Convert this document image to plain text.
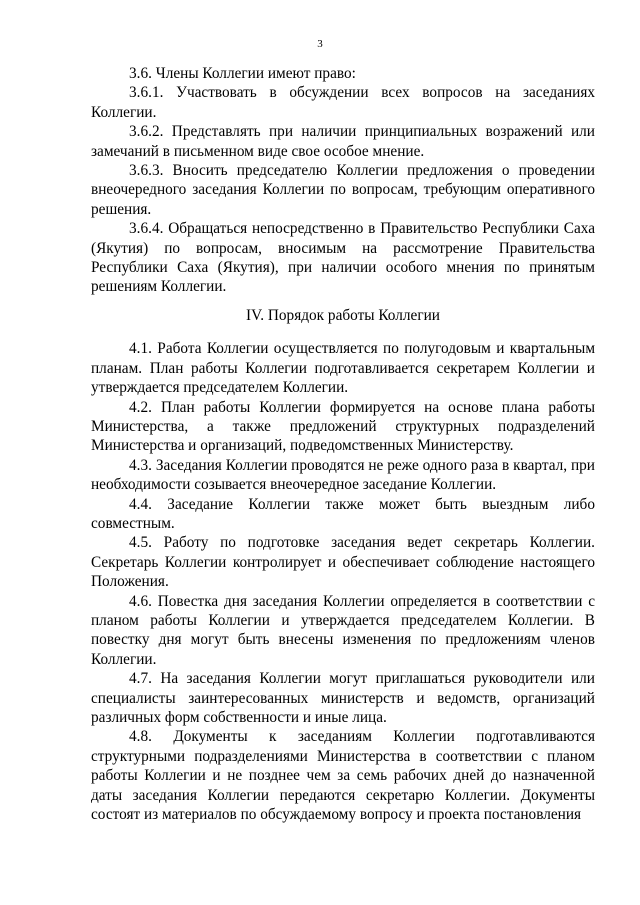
3

3.6. Члены Коллегии имеют право:

3.6.1. Участвовать в обсуждении всех вопросов на заседаниях Коллегии.

3.6.2. Представлять при наличии принципиальных возражений или замечаний в письменном виде свое особое мнение.

3.6.3. Вносить председателю Коллегии предложения о проведении внеочередного заседания Коллегии по вопросам, требующим оперативного решения.

3.6.4. Обращаться непосредственно в Правительство Республики Саха (Якутия) по вопросам, вносимым на рассмотрение Правительства Республики Саха (Якутия), при наличии особого мнения по принятым решениям Коллегии.

IV. Порядок работы Коллегии

4.1. Работа Коллегии осуществляется по полугодовым и квартальным планам. План работы Коллегии подготавливается секретарем Коллегии и утверждается председателем Коллегии.

4.2. План работы Коллегии формируется на основе плана работы Министерства, а также предложений структурных подразделений Министерства и организаций, подведомственных Министерству.

4.3. Заседания Коллегии проводятся не реже одного раза в квартал, при необходимости созывается внеочередное заседание Коллегии.

4.4. Заседание Коллегии также может быть выездным либо совместным.

4.5. Работу по подготовке заседания ведет секретарь Коллегии. Секретарь Коллегии контролирует и обеспечивает соблюдение настоящего Положения.

4.6. Повестка дня заседания Коллегии определяется в соответствии с планом работы Коллегии и утверждается председателем Коллегии. В повестку дня могут быть внесены изменения по предложениям членов Коллегии.

4.7. На заседания Коллегии могут приглашаться руководители или специалисты заинтересованных министерств и ведомств, организаций различных форм собственности и иные лица.

4.8. Документы к заседаниям Коллегии подготавливаются структурными подразделениями Министерства в соответствии с планом работы Коллегии и не позднее чем за семь рабочих дней до назначенной даты заседания Коллегии передаются секретарю Коллегии. Документы состоят из материалов по обсуждаемому вопросу и проекта постановления
